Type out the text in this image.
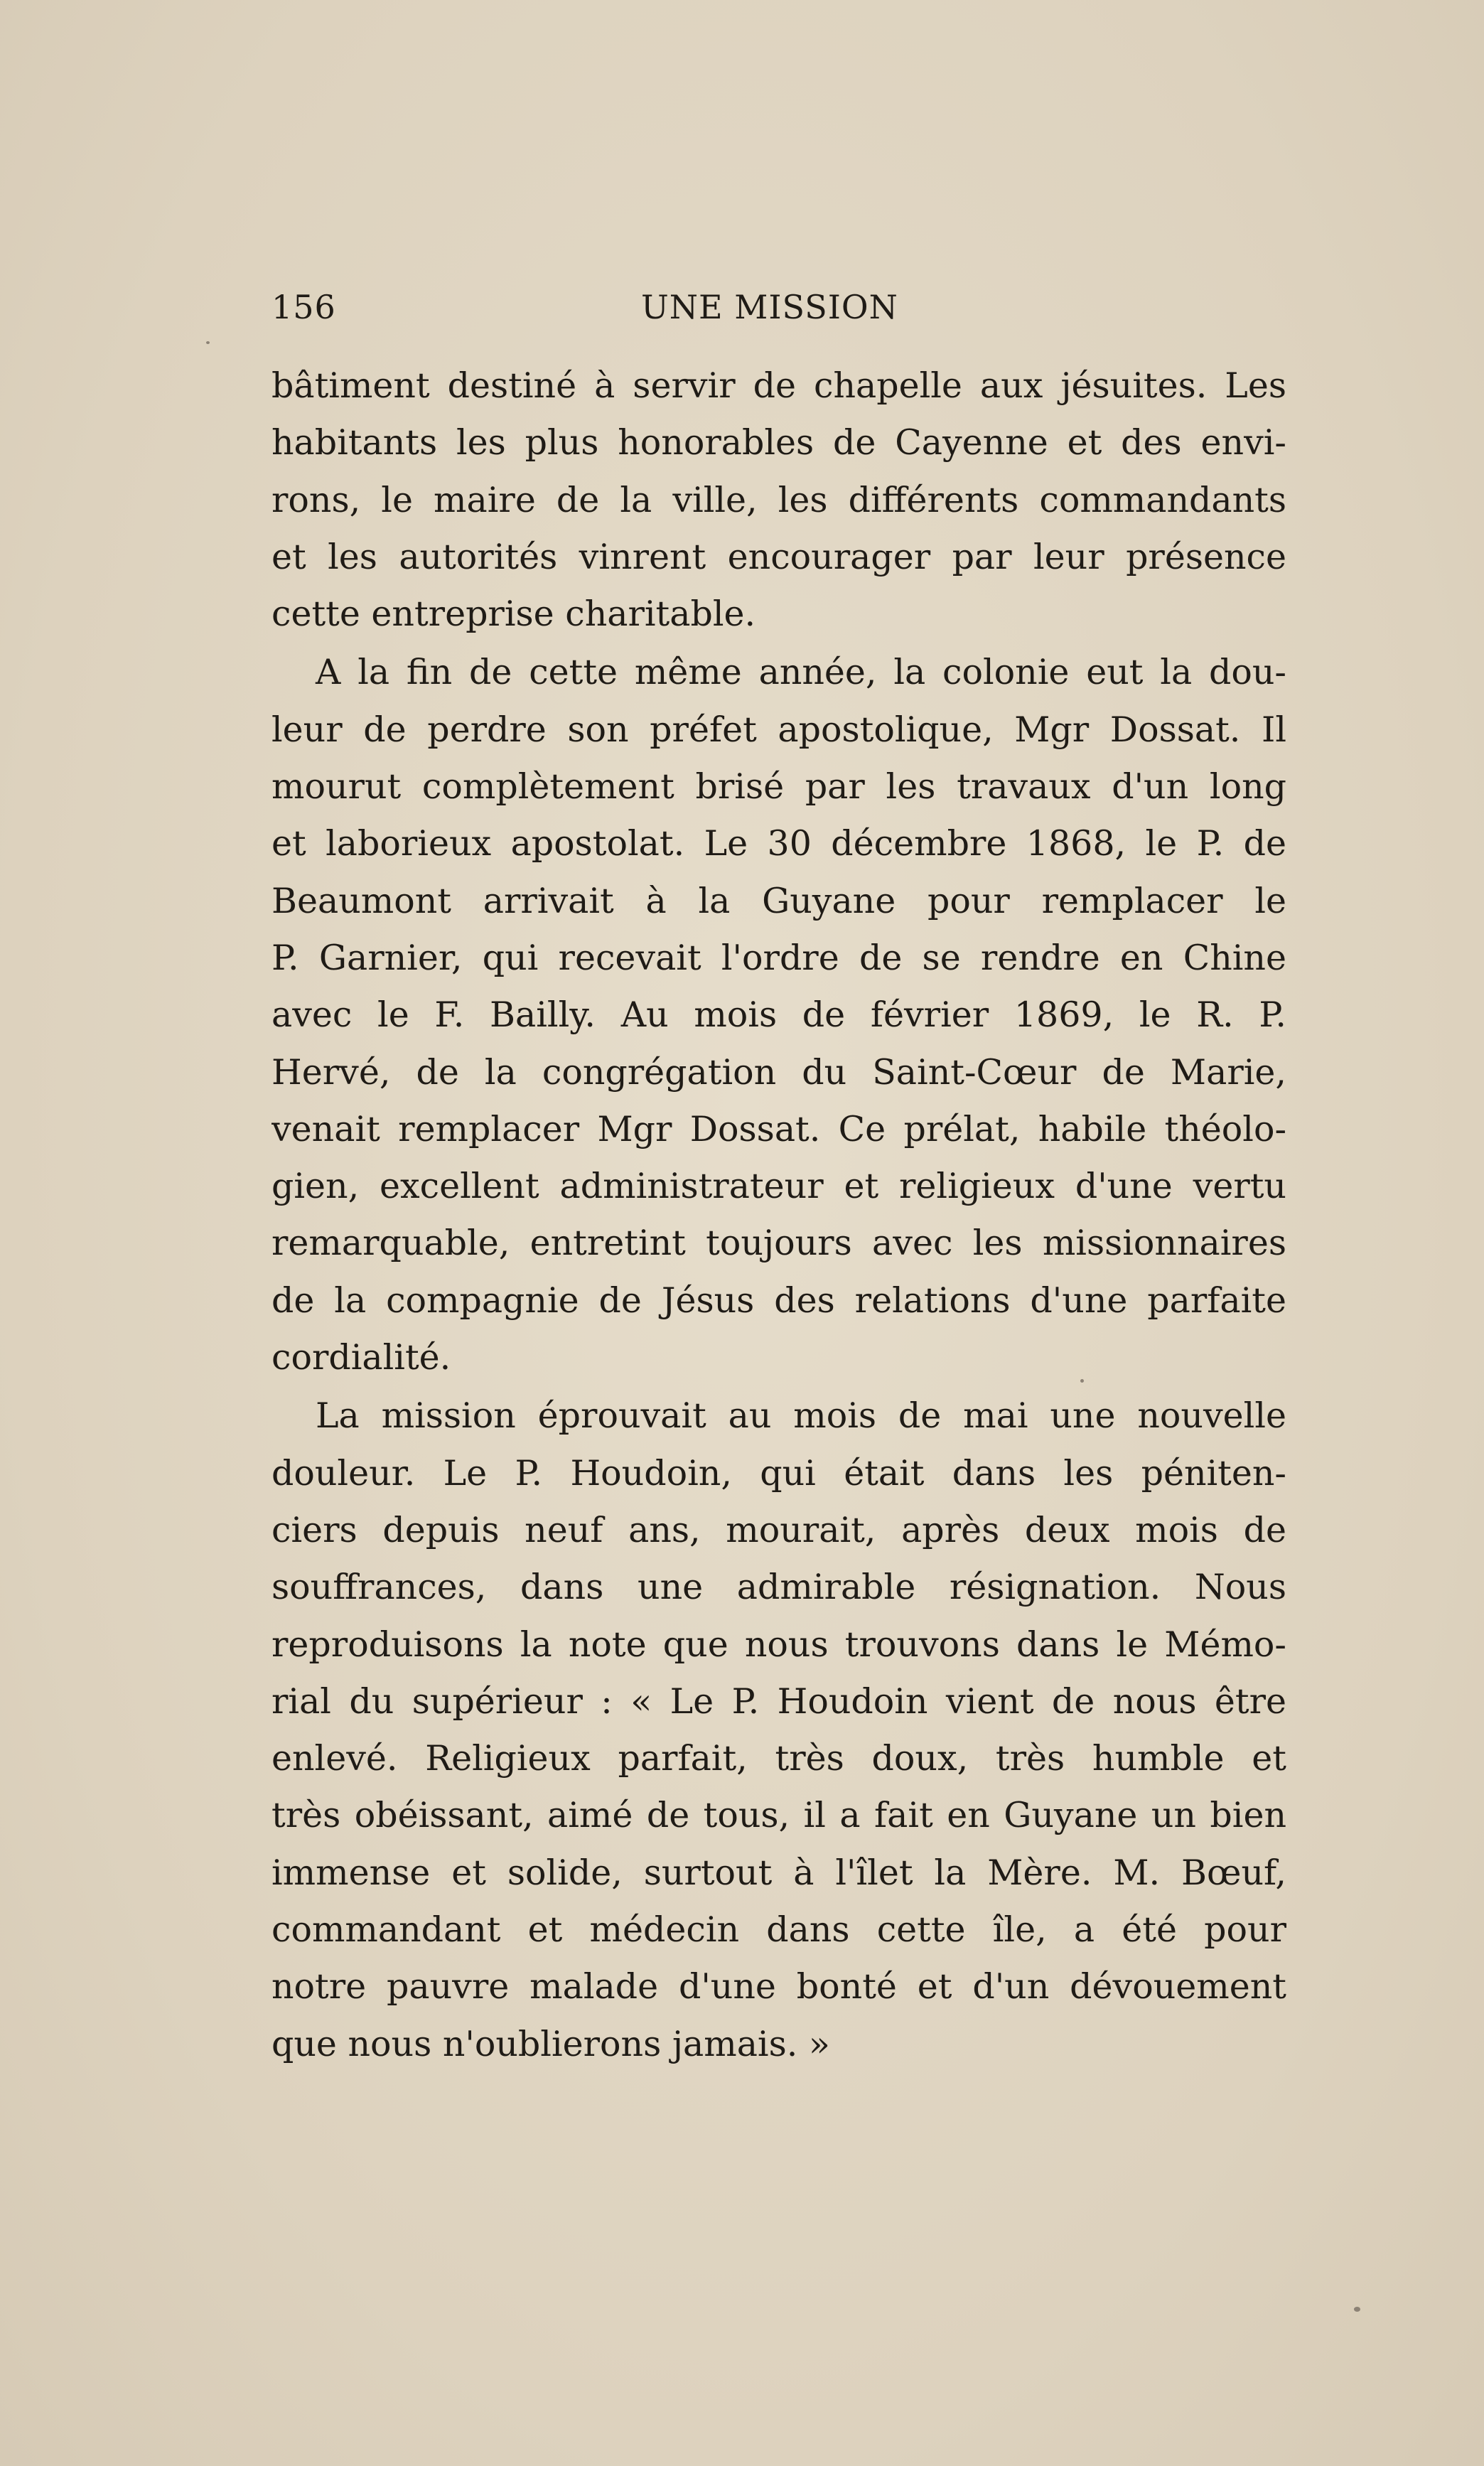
156	UNE MISSION
bâtiment destiné à servir de chapelle aux jésuites. Les
habitants les plus honorables de Cayenne et des envi-
rons, le maire de la ville, les différents commandants
et les autorités vinrent encourager par leur présence
cette entreprise charitable.
A la fin de cette même année, la colonie eut la dou-
leur de perdre son préfet apostolique, Mgr Dossat. Il
mourut complètement brisé par les travaux d'un long
et laborieux apostolat. Le 30 décembre 1868, le P. de
Beaumont arrivait à la Guyane pour remplacer le
P. Garnier, qui recevait l'ordre de se rendre en Chine
avec le F. Bailly. Au mois de février 1869, le R. P.
Hervé, de la congrégation du Saint-Cœur de Marie,
venait remplacer Mgr Dossat. Ce prélat, habile théolo-
gien, excellent administrateur et religieux d'une vertu
remarquable, entretint toujours avec les missionnaires
de la compagnie de Jésus des relations d'une parfaite
cordialité.
La mission éprouvait au mois de mai une nouvelle
douleur. Le P. Houdoin, qui était dans les péniten-
ciers depuis neuf ans, mourait, après deux mois de
souffrances, dans une admirable résignation. Nous
reproduisons la note que nous trouvons dans le Mémo-
rial du supérieur : « Le P. Houdoin vient de nous être
enlevé. Religieux parfait, très doux, très humble et
très obéissant, aimé de tous, il a fait en Guyane un bien
immense et solide, surtout à l'îlet la Mère. M. Bœuf,
commandant et médecin dans cette île, a été pour
notre pauvre malade d'une bonté et d'un dévouement
que nous n'oublierons jamais. »
